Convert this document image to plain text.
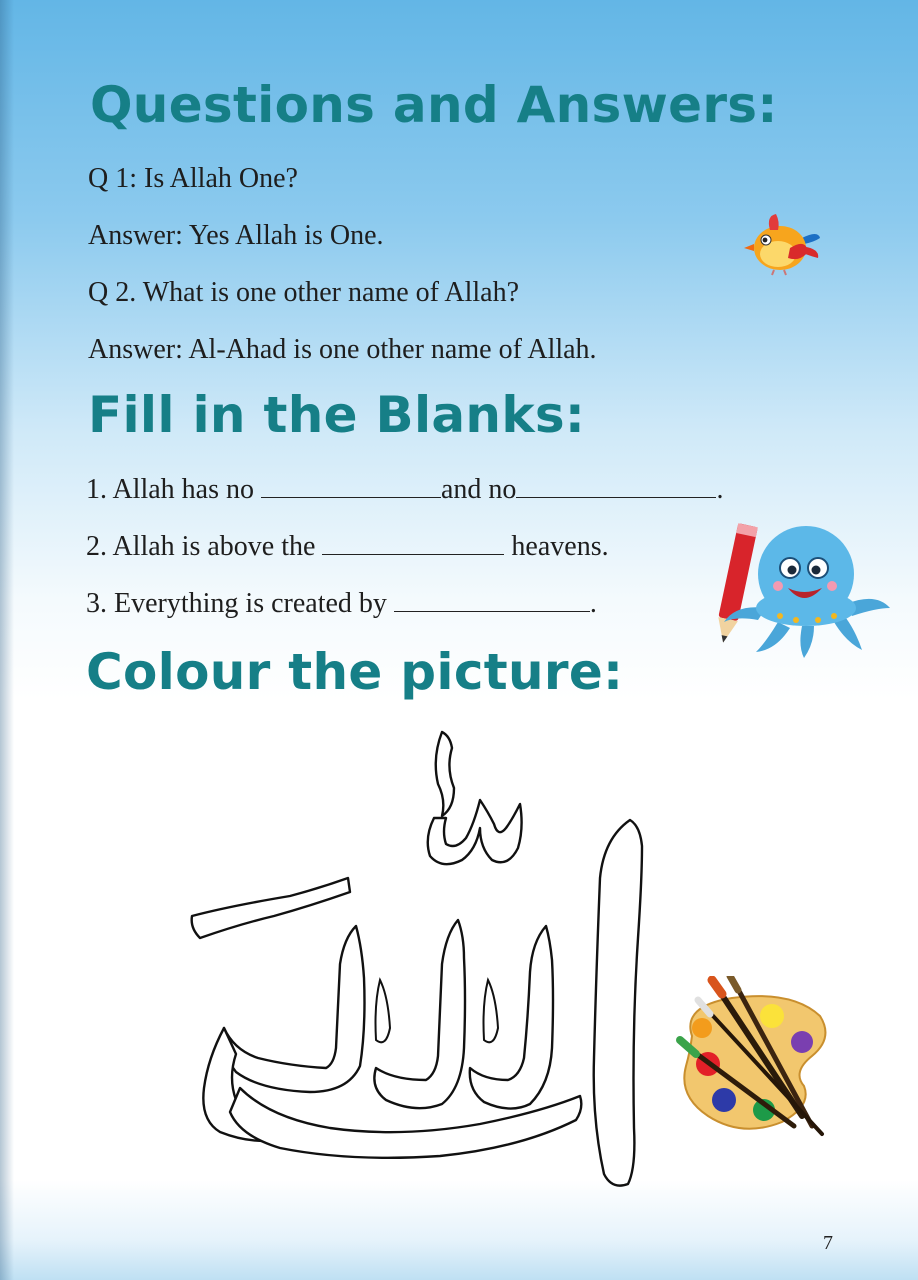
Questions and Answers:

Q 1: Is Allah One?

Answer: Yes Allah is One.

Q 2. What is one other name of Allah?

Answer: Al-Ahad is one other name of Allah.

Fill in the Blanks:

1. Allah has no	and no	.

2. Allah is above the	heavens.

3. Everything is created by	.

Colour the picture:
7
